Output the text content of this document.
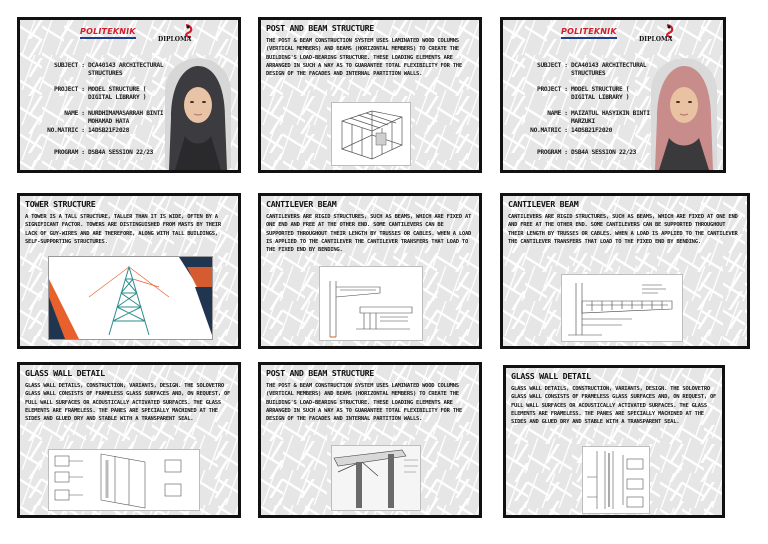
POLITEKNIK
DIPLOMA
SUBJECT : DCA40143 ARCHITECTURAL STRUCTURES
PROJECT : MODEL STRUCTURE ( DIGITAL LIBRARY )
NAME : NURDHIMAMASARRAH BINTI MOHAMAD HATA
NO.MATRIC : 14DSB21F2028
PROGRAM : DSB4A SESSION 22/23
POST AND BEAM STRUCTURE
THE POST & BEAM CONSTRUCTION SYSTEM USES LAMINATED WOOD COLUMNS (VERTICAL MEMBERS) AND BEAMS (HORIZONTAL MEMBERS) TO CREATE THE BUILDING'S LOAD-BEARING STRUCTURE. THESE LOADING ELEMENTS ARE ARRANGED IN SUCH A WAY AS TO GUARANTEE TOTAL FLEXIBILITY FOR THE DESIGN OF THE FACADES AND INTERNAL PARTITION WALLS.
POLITEKNIK
DIPLOMA
SUBJECT : DCA40143 ARCHITECTURAL STRUCTURES
PROJECT : MODEL STRUCTURE ( DIGITAL LIBRARY )
NAME : MAIZATUL HASYIKIN BINTI MARZUKI
NO.MATRIC : 14DSB21F2020
PROGRAM : DSB4A SESSION 22/23
TOWER STRUCTURE
A TOWER IS A TALL STRUCTURE, TALLER THAN IT IS WIDE, OFTEN BY A SIGNIFICANT FACTOR. TOWERS ARE DISTINGUISHED FROM MASTS BY THEIR LACK OF GUY-WIRES AND ARE THEREFORE, ALONG WITH TALL BUILDINGS, SELF-SUPPORTING STRUCTURES.
CANTILEVER BEAM
CANTILEVERS ARE RIGID STRUCTURES, SUCH AS BEAMS, WHICH ARE FIXED AT ONE END AND FREE AT THE OTHER END. SOME CANTILEVERS CAN BE SUPPORTED THROUGHOUT THEIR LENGTH BY TRUSSES OR CABLES. WHEN A LOAD IS APPLIED TO THE CANTILEVER THE CANTILEVER TRANSFERS THAT LOAD TO THE FIXED END BY BENDING.
CANTILEVER BEAM
CANTILEVERS ARE RIGID STRUCTURES, SUCH AS BEAMS, WHICH ARE FIXED AT ONE END AND FREE AT THE OTHER END. SOME CANTILEVERS CAN BE SUPPORTED THROUGHOUT THEIR LENGTH BY TRUSSES OR CABLES. WHEN A LOAD IS APPLIED TO THE CANTILEVER THE CANTILEVER TRANSFERS THAT LOAD TO THE FIXED END BY BENDING.
GLASS WALL DETAIL
GLASS WALL DETAILS, CONSTRUCTION, VARIANTS, DESIGN. THE SOLOVETRO GLASS WALL CONSISTS OF FRAMELESS GLASS SURFACES AND, ON REQUEST, OF FULL WALL SURFACES OR ACOUSTICALLY ACTIVATED SURFACES. THE GLASS ELEMENTS ARE FRAMELESS. THE PANES ARE SPECIALLY MACHINED AT THE SIDES AND GLUED DRY AND STABLE WITH A TRANSPARENT SEAL.
POST AND BEAM STRUCTURE
THE POST & BEAM CONSTRUCTION SYSTEM USES LAMINATED WOOD COLUMNS (VERTICAL MEMBERS) AND BEAMS (HORIZONTAL MEMBERS) TO CREATE THE BUILDING'S LOAD-BEARING STRUCTURE. THESE LOADING ELEMENTS ARE ARRANGED IN SUCH A WAY AS TO GUARANTEE TOTAL FLEXIBILITY FOR THE DESIGN OF THE FACADES AND INTERNAL PARTITION WALLS.
GLASS WALL DETAIL
GLASS WALL DETAILS, CONSTRUCTION, VARIANTS, DESIGN. THE SOLOVETRO GLASS WALL CONSISTS OF FRAMELESS GLASS SURFACES AND, ON REQUEST, OF FULL WALL SURFACES OR ACOUSTICALLY ACTIVATED SURFACES. THE GLASS ELEMENTS ARE FRAMELESS. THE PANES ARE SPECIALLY MACHINED AT THE SIDES AND GLUED DRY AND STABLE WITH A TRANSPARENT SEAL.
